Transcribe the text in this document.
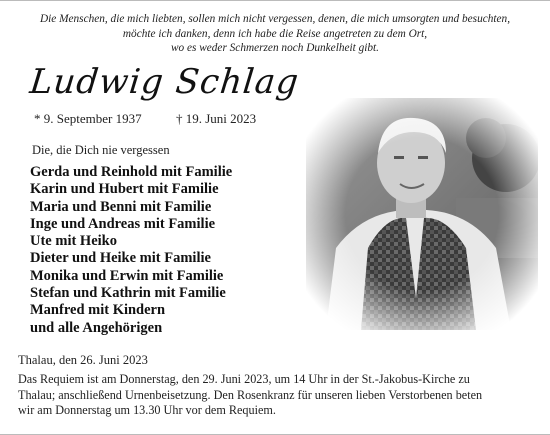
Die Menschen, die mich liebten, sollen mich nicht vergessen, denen, die mich umsorgten und besuchten,
möchte ich danken, denn ich habe die Reise angetreten zu dem Ort,
wo es weder Schmerzen noch Dunkelheit gibt.
Ludwig Schlag
* 9. September 1937	† 19. Juni 2023
Die, die Dich nie vergessen
Gerda und Reinhold mit Familie
Karin und Hubert mit Familie
Maria und Benni mit Familie
Inge und Andreas mit Familie
Ute mit Heiko
Dieter und Heike mit Familie
Monika und Erwin mit Familie
Stefan und Kathrin mit Familie
Manfred mit Kindern
und alle Angehörigen
Thalau, den 26. Juni 2023
Das Requiem ist am Donnerstag, den 29. Juni 2023, um 14 Uhr in der St.-Jakobus-Kirche zu
Thalau; anschließend Urnenbeisetzung. Den Rosenkranz für unseren lieben Verstorbenen beten
wir am Donnerstag um 13.30 Uhr vor dem Requiem.
